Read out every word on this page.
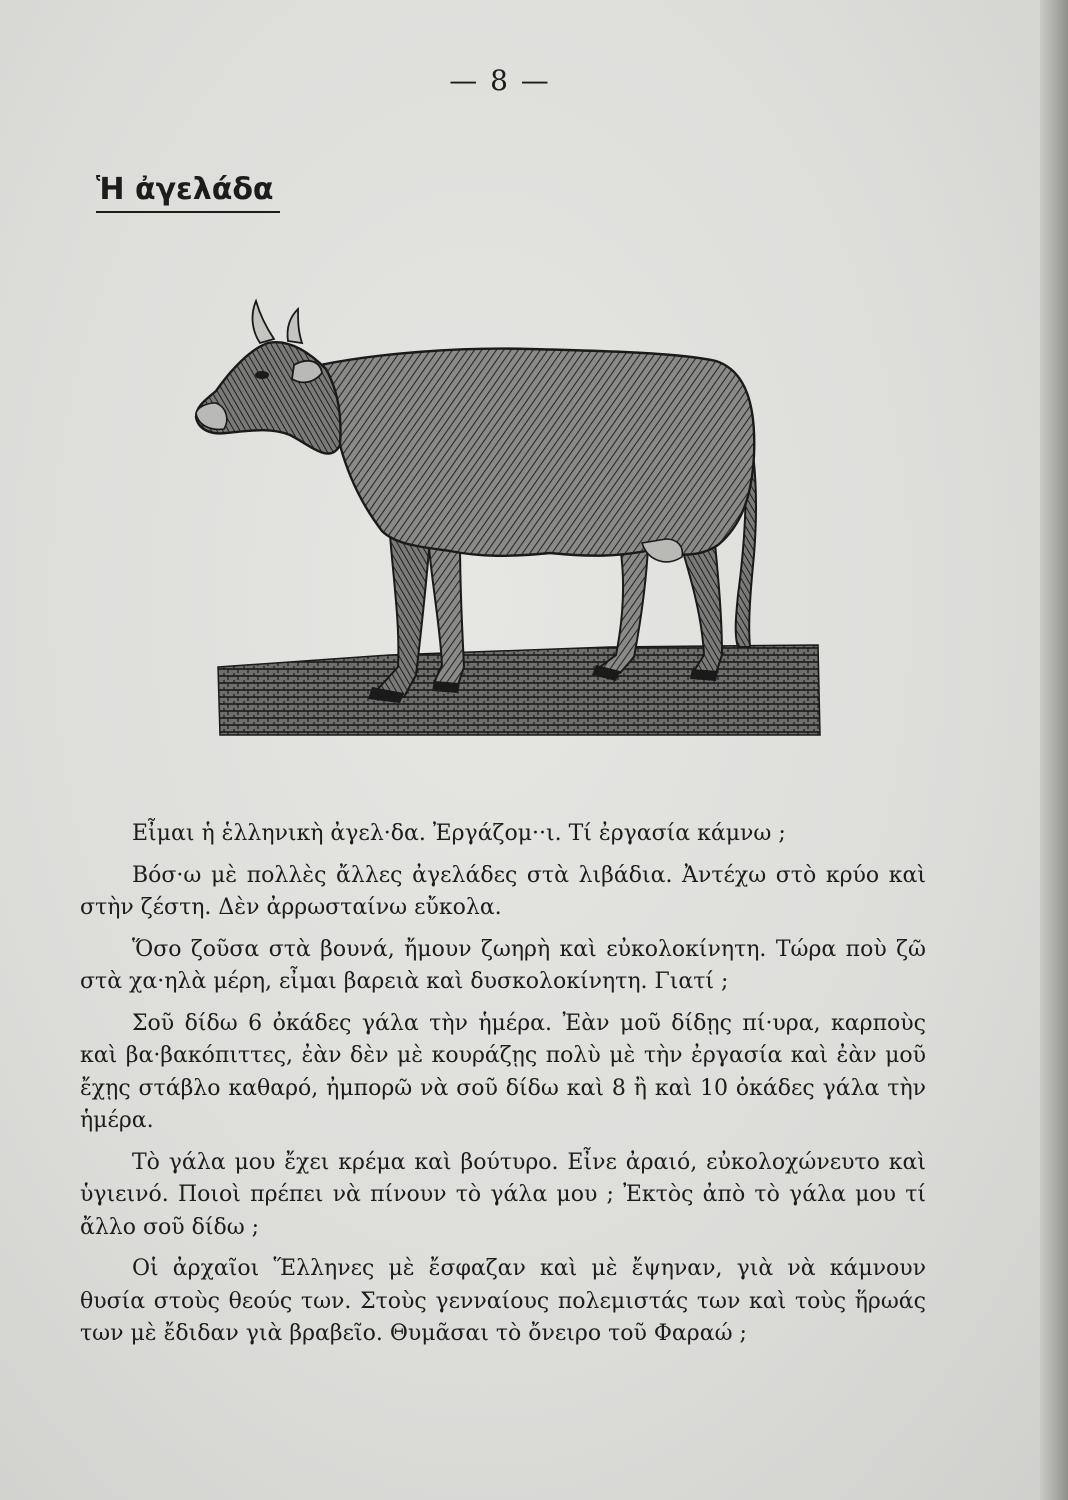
— 8 —
Ἡ ἀγελάδα

Εἶμαι ἡ ἑλληνικὴ ἀγελ·δα. Ἐργάζομ··ι. Τί ἐργασία κάμνω ;

Βόσ·ω μὲ πολλὲς ἄλλες ἀγελάδες στὰ λιβάδια. Ἀντέχω στὸ κρύο καὶ στὴν ζέστη. Δὲν ἀρρωσταίνω εὔκολα.

Ὅσο ζοῦσα στὰ βουνά, ἤμουν ζωηρὴ καὶ εὐκολοκίνητη. Τώρα ποὺ ζῶ στὰ χα·ηλὰ μέρη, εἶμαι βαρειὰ καὶ δυσκολοκίνητη. Γιατί ;

Σοῦ δίδω 6 ὀκάδες γάλα τὴν ἡμέρα. Ἐὰν μοῦ δίδῃς πί·υρα, καρποὺς καὶ βα·βακόπιττες, ἐὰν δὲν μὲ κουράζῃς πολὺ μὲ τὴν ἐργασία καὶ ἐὰν μοῦ ἔχῃς στάβλο καθαρό, ἠμπορῶ νὰ σοῦ δίδω καὶ 8 ἢ καὶ 10 ὀκάδες γάλα τὴν ἡμέρα.

Τὸ γάλα μου ἔχει κρέμα καὶ βούτυρο. Εἶνε ἀραιό, εὐκολοχώνευτο καὶ ὑγιεινό. Ποιοὶ πρέπει νὰ πίνουν τὸ γάλα μου ; Ἐκτὸς ἀπὸ τὸ γάλα μου τί ἄλλο σοῦ δίδω ;

Οἱ ἀρχαῖοι Ἕλληνες μὲ ἔσφαζαν καὶ μὲ ἔψηναν, γιὰ νὰ κάμνουν θυσία στοὺς θεούς των. Στοὺς γενναίους πολεμιστάς των καὶ τοὺς ἥρωάς των μὲ ἔδιδαν γιὰ βραβεῖο. Θυμᾶσαι τὸ ὄνειρο τοῦ Φαραώ ;
